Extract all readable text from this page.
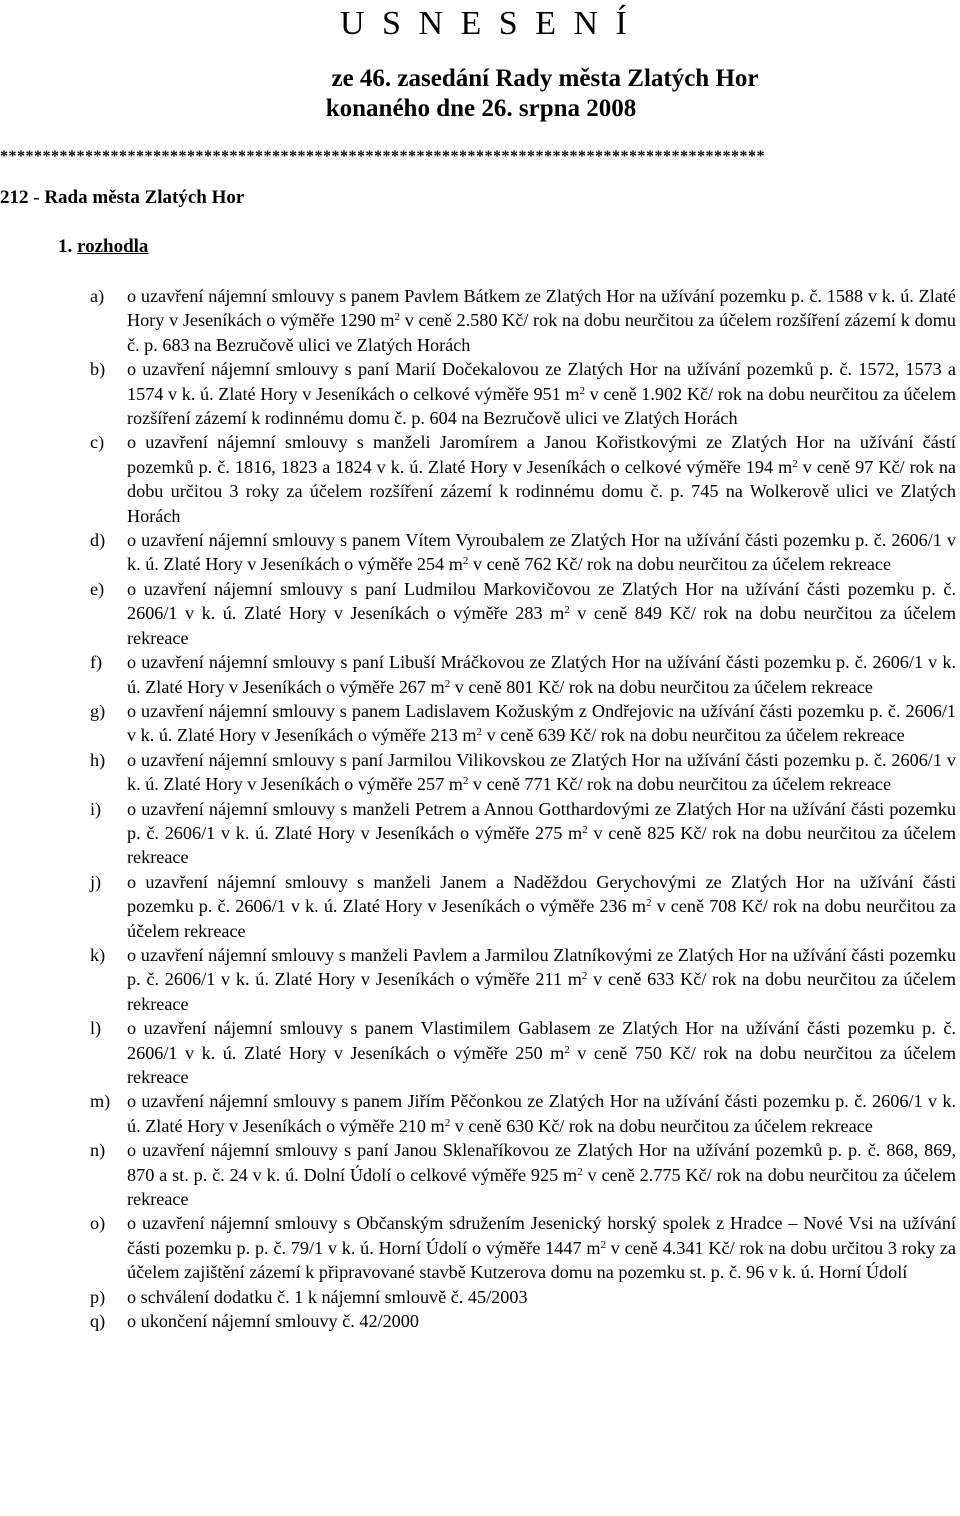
U S N E S E N Í
ze 46. zasedání Rady města Zlatých Hor
konaného dne 26. srpna 2008
******************************************************************************************
212 - Rada města Zlatých Hor
1. rozhodla
a)	o uzavření nájemní smlouvy s panem Pavlem Bátkem ze Zlatých Hor na užívání pozemku p. č. 1588 v k. ú. Zlaté Hory v Jeseníkách o výměře 1290 $m^2$ v ceně 2.580 Kč/ rok na dobu neurčitou za účelem rozšíření zázemí k domu č. p. 683 na Bezručově ulici ve Zlatých Horách
b)	o uzavření nájemní smlouvy s paní Marií Dočekalovou ze Zlatých Hor na užívání pozemků p. č. 1572, 1573 a 1574 v k. ú. Zlaté Hory v Jeseníkách o celkové výměře 951 $m^2$ v ceně 1.902 Kč/ rok na dobu neurčitou za účelem rozšíření zázemí k rodinnému domu č. p. 604 na Bezručově ulici ve Zlatých Horách
c)	o uzavření nájemní smlouvy s manželi Jaromírem a Janou Kořistkovými ze Zlatých Hor na užívání částí pozemků p. č. 1816, 1823 a 1824 v k. ú. Zlaté Hory v Jeseníkách o celkové výměře 194 $m^2$ v ceně 97 Kč/ rok na dobu určitou 3 roky za účelem rozšíření zázemí k rodinnému domu č. p. 745 na Wolkerově ulici ve Zlatých Horách
d)	o uzavření nájemní smlouvy s panem Vítem Vyroubalem ze Zlatých Hor na užívání části pozemku p. č. 2606/1 v k. ú. Zlaté Hory v Jeseníkách o výměře 254 $m^2$ v ceně 762 Kč/ rok na dobu neurčitou za účelem rekreace
e)	o uzavření nájemní smlouvy s paní Ludmilou Markovičovou ze Zlatých Hor na užívání části pozemku p. č. 2606/1 v k. ú. Zlaté Hory v Jeseníkách o výměře 283 $m^2$ v ceně 849 Kč/ rok na dobu neurčitou za účelem rekreace
f)	o uzavření nájemní smlouvy s paní Libuší Mráčkovou ze Zlatých Hor na užívání části pozemku p. č. 2606/1 v k. ú. Zlaté Hory v Jeseníkách o výměře 267 $m^2$ v ceně 801 Kč/ rok na dobu neurčitou za účelem rekreace
g)	o uzavření nájemní smlouvy s panem Ladislavem Kožuským z Ondřejovic na užívání části pozemku p. č. 2606/1 v k. ú. Zlaté Hory v Jeseníkách o výměře 213 $m^2$ v ceně 639 Kč/ rok na dobu neurčitou za účelem rekreace
h)	o uzavření nájemní smlouvy s paní Jarmilou Vilikovskou ze Zlatých Hor na užívání části pozemku p. č. 2606/1 v k. ú. Zlaté Hory v Jeseníkách o výměře 257 $m^2$ v ceně 771 Kč/ rok na dobu neurčitou za účelem rekreace
i)	o uzavření nájemní smlouvy s manželi Petrem a Annou Gotthardovými ze Zlatých Hor na užívání části pozemku p. č. 2606/1 v k. ú. Zlaté Hory v Jeseníkách o výměře 275 $m^2$ v ceně 825 Kč/ rok na dobu neurčitou za účelem rekreace
j)	o uzavření nájemní smlouvy s manželi Janem a Naděždou Gerychovými ze Zlatých Hor na užívání části pozemku p. č. 2606/1 v k. ú. Zlaté Hory v Jeseníkách o výměře 236 $m^2$ v ceně 708 Kč/ rok na dobu neurčitou za účelem rekreace
k)	o uzavření nájemní smlouvy s manželi Pavlem a Jarmilou Zlatníkovými ze Zlatých Hor na užívání části pozemku p. č. 2606/1 v k. ú. Zlaté Hory v Jeseníkách o výměře 211 $m^2$ v ceně 633 Kč/ rok na dobu neurčitou za účelem rekreace
l)	o uzavření nájemní smlouvy s panem Vlastimilem Gablasem ze Zlatých Hor na užívání části pozemku p. č. 2606/1 v k. ú. Zlaté Hory v Jeseníkách o výměře 250 $m^2$ v ceně 750 Kč/ rok na dobu neurčitou za účelem rekreace
m) o uzavření nájemní smlouvy s panem Jiřím Pěčonkou ze Zlatých Hor na užívání části pozemku p. č. 2606/1 v k. ú. Zlaté Hory v Jeseníkách o výměře 210 $m^2$ v ceně 630 Kč/ rok na dobu neurčitou za účelem rekreace
n)	o uzavření nájemní smlouvy s paní Janou Sklenaříkovou ze Zlatých Hor na užívání pozemků p. p. č. 868, 869, 870 a st. p. č. 24 v k. ú. Dolní Údolí o celkové výměře 925 $m^2$ v ceně 2.775 Kč/ rok na dobu neurčitou za účelem rekreace
o)	o uzavření nájemní smlouvy s Občanským sdružením Jesenický horský spolek z Hradce – Nové Vsi na užívání části pozemku p. p. č. 79/1 v k. ú. Horní Údolí o výměře 1447 $m^2$ v ceně 4.341 Kč/ rok na dobu určitou 3 roky za účelem zajištění zázemí k připravované stavbě Kutzerova domu na pozemku st. p. č. 96 v k. ú. Horní Údolí
p)	o schválení dodatku č. 1 k nájemní smlouvě č. 45/2003
q)	o ukončení nájemní smlouvy č. 42/2000
